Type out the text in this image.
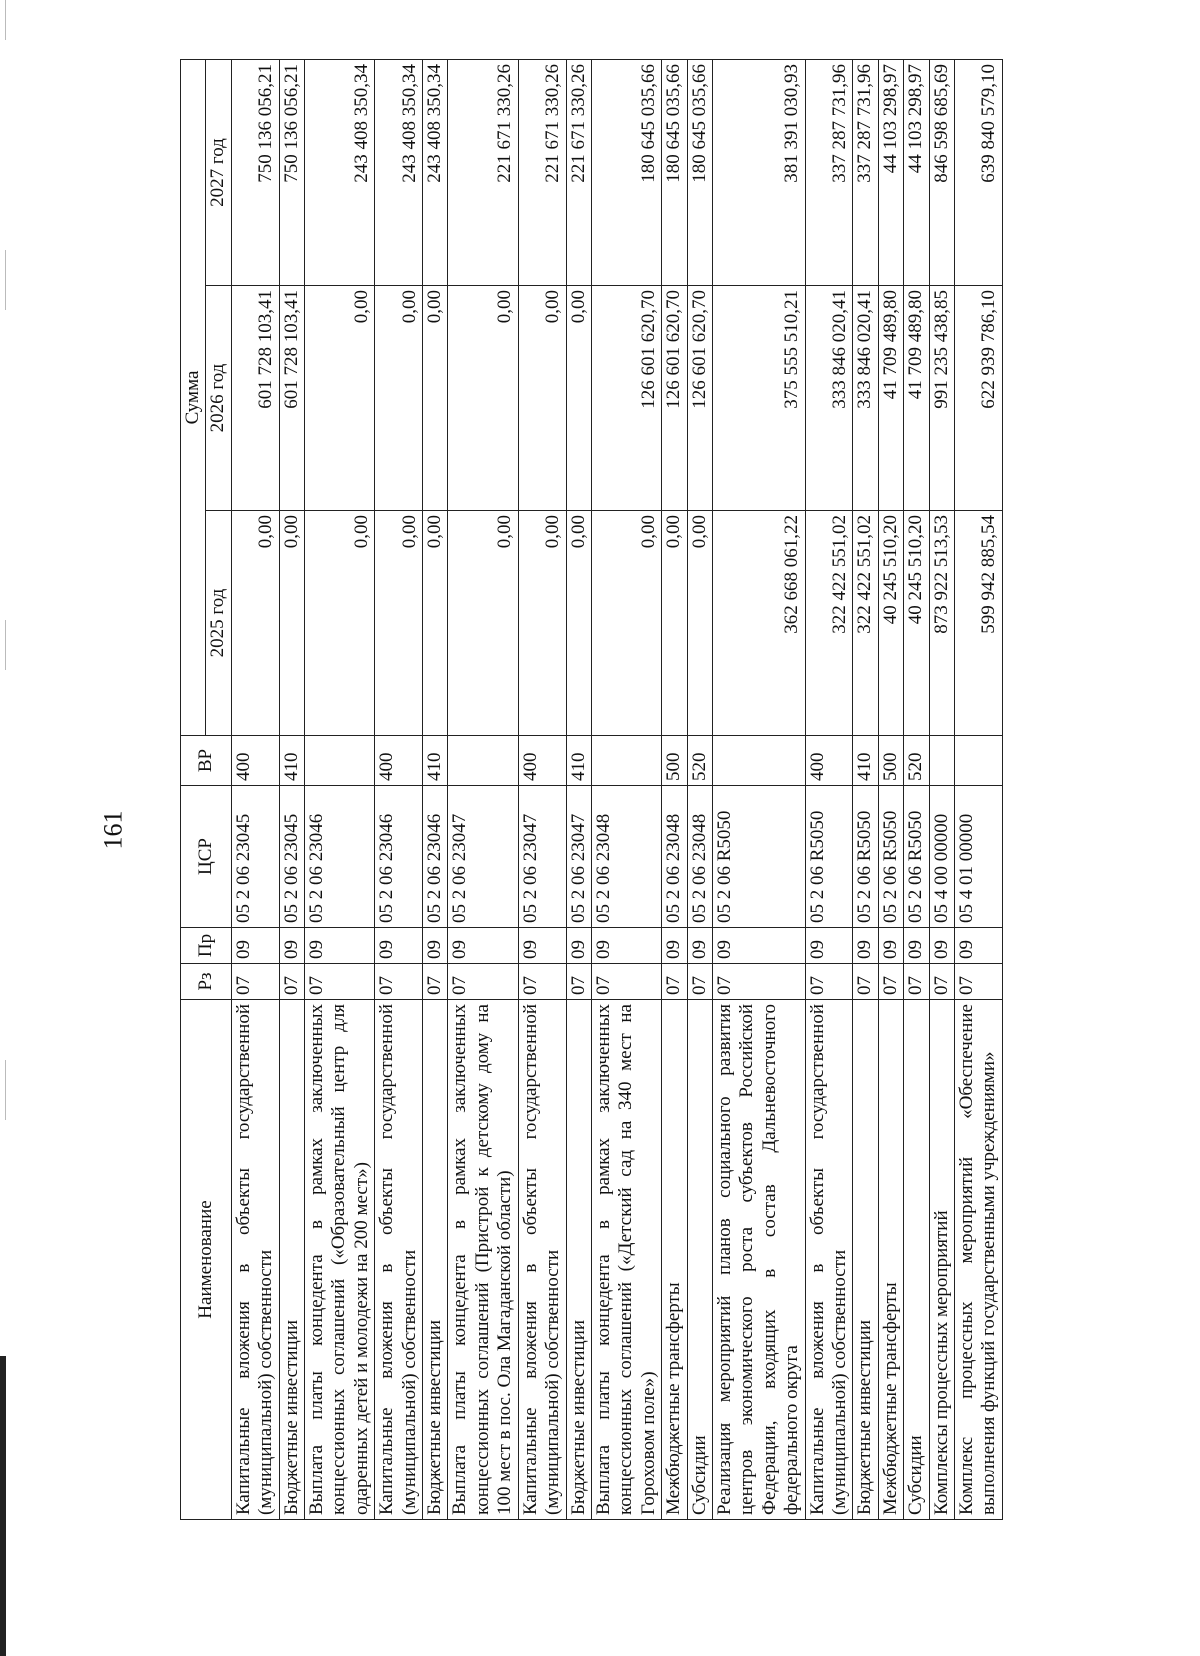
161
Наименование	Рз	Пр	ЦСР	ВР	Сумма		
					2025 год	2026 год	2027 год
Капитальные вложения в объекты государственной (муниципальной) собственности	07	09	05 2 06 23045	400	0,00	601 728 103,41	750 136 056,21
Бюджетные инвестиции	07	09	05 2 06 23045	410	0,00	601 728 103,41	750 136 056,21
Выплата платы концедента в рамках заключенных концессионных соглашений («Образовательный центр для одаренных детей и молодежи на 200 мест»)	07	09	05 2 06 23046		0,00	0,00	243 408 350,34
Капитальные вложения в объекты государственной (муниципальной) собственности	07	09	05 2 06 23046	400	0,00	0,00	243 408 350,34
Бюджетные инвестиции	07	09	05 2 06 23046	410	0,00	0,00	243 408 350,34
Выплата платы концедента в рамках заключенных концессионных соглашений (Пристрой к детскому дому на 100 мест в пос. Ола Магаданской области)	07	09	05 2 06 23047		0,00	0,00	221 671 330,26
Капитальные вложения в объекты государственной (муниципальной) собственности	07	09	05 2 06 23047	400	0,00	0,00	221 671 330,26
Бюджетные инвестиции	07	09	05 2 06 23047	410	0,00	0,00	221 671 330,26
Выплата платы концедента в рамках заключенных концессионных соглашений («Детский сад на 340 мест на Гороховом поле»)	07	09	05 2 06 23048		0,00	126 601 620,70	180 645 035,66
Межбюджетные трансферты	07	09	05 2 06 23048	500	0,00	126 601 620,70	180 645 035,66
Субсидии	07	09	05 2 06 23048	520	0,00	126 601 620,70	180 645 035,66
Реализация мероприятий планов социального развития центров экономического роста субъектов Российской Федерации, входящих в состав Дальневосточного федерального округа	07	09	05 2 06 R5050		362 668 061,22	375 555 510,21	381 391 030,93
Капитальные вложения в объекты государственной (муниципальной) собственности	07	09	05 2 06 R5050	400	322 422 551,02	333 846 020,41	337 287 731,96
Бюджетные инвестиции	07	09	05 2 06 R5050	410	322 422 551,02	333 846 020,41	337 287 731,96
Межбюджетные трансферты	07	09	05 2 06 R5050	500	40 245 510,20	41 709 489,80	44 103 298,97
Субсидии	07	09	05 2 06 R5050	520	40 245 510,20	41 709 489,80	44 103 298,97
Комплексы процессных мероприятий	07	09	05 4 00 00000		873 922 513,53	991 235 438,85	846 598 685,69
Комплекс процессных мероприятий «Обеспечение выполнения функций государственными учреждениями»	07	09	05 4 01 00000		599 942 885,54	622 939 786,10	639 840 579,10
